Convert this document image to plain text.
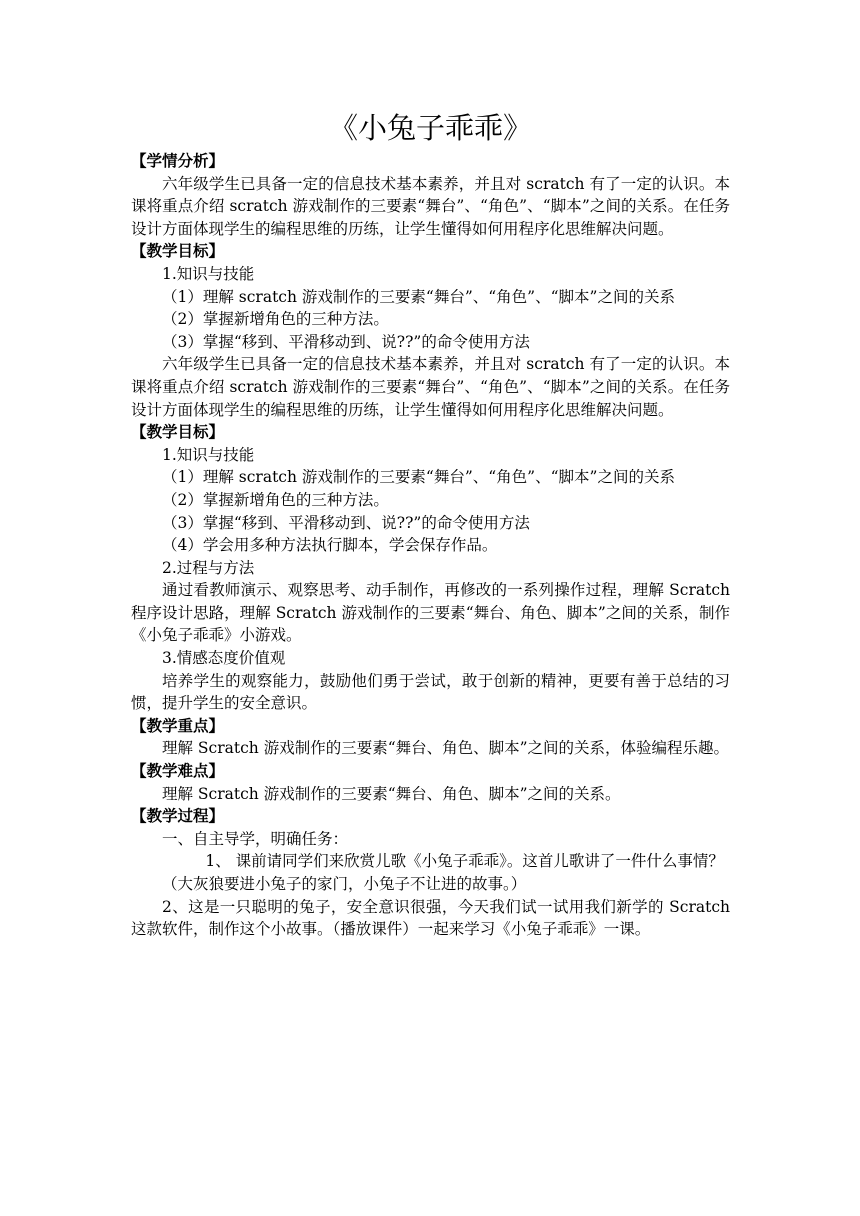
《小兔子乖乖》
【学情分析】
六年级学生已具备一定的信息技术基本素养，并且对 scratch 有了一定的认识。本课将重点介绍 scratch 游戏制作的三要素“舞台”、“角色”、“脚本”之间的关系。在任务设计方面体现学生的编程思维的历练，让学生懂得如何用程序化思维解决问题。
【教学目标】
1.知识与技能
（1）理解 scratch 游戏制作的三要素“舞台”、“角色”、“脚本”之间的关系
（2）掌握新增角色的三种方法。
（3）掌握“移到、平滑移动到、说??”的命令使用方法
六年级学生已具备一定的信息技术基本素养，并且对 scratch 有了一定的认识。本课将重点介绍 scratch 游戏制作的三要素“舞台”、“角色”、“脚本”之间的关系。在任务设计方面体现学生的编程思维的历练，让学生懂得如何用程序化思维解决问题。
【教学目标】
1.知识与技能
（1）理解 scratch 游戏制作的三要素“舞台”、“角色”、“脚本”之间的关系
（2）掌握新增角色的三种方法。
（3）掌握“移到、平滑移动到、说??”的命令使用方法
（4）学会用多种方法执行脚本，学会保存作品。
2.过程与方法
通过看教师演示、观察思考、动手制作，再修改的一系列操作过程，理解 Scratch 程序设计思路，理解 Scratch 游戏制作的三要素“舞台、角色、脚本”之间的关系，制作《小兔子乖乖》小游戏。
3.情感态度价值观
培养学生的观察能力，鼓励他们勇于尝试，敢于创新的精神，更要有善于总结的习惯，提升学生的安全意识。
【教学重点】
理解 Scratch 游戏制作的三要素“舞台、角色、脚本”之间的关系，体验编程乐趣。
【教学难点】
理解 Scratch 游戏制作的三要素“舞台、角色、脚本”之间的关系。
【教学过程】
一、自主导学，明确任务：
1、 课前请同学们来欣赏儿歌《小兔子乖乖》。这首儿歌讲了一件什么事情？
（大灰狼要进小兔子的家门，小兔子不让进的故事。）
2、这是一只聪明的兔子，安全意识很强，今天我们试一试用我们新学的 Scratch 这款软件，制作这个小故事。（播放课件）一起来学习《小兔子乖乖》一课。
